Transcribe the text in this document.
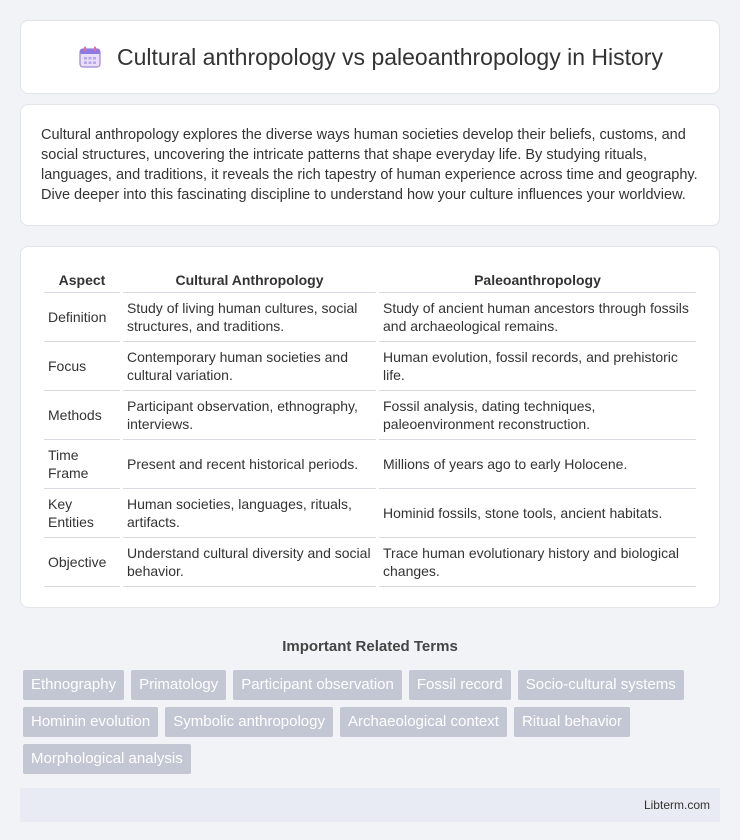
Cultural anthropology vs paleoanthropology in History

Cultural anthropology explores the diverse ways human societies develop their beliefs, customs, and social structures, uncovering the intricate patterns that shape everyday life. By studying rituals, languages, and traditions, it reveals the rich tapestry of human experience across time and geography. Dive deeper into this fascinating discipline to understand how your culture influences your worldview.

Aspect	Cultural Anthropology	Paleoanthropology
Definition	Study of living human cultures, social structures, and traditions.	Study of ancient human ancestors through fossils and archaeological remains.
Focus	Contemporary human societies and cultural variation.	Human evolution, fossil records, and prehistoric life.
Methods	Participant observation, ethnography, interviews.	Fossil analysis, dating techniques, paleoenvironment reconstruction.
Time Frame	Present and recent historical periods.	Millions of years ago to early Holocene.
Key Entities	Human societies, languages, rituals, artifacts.	Hominid fossils, stone tools, ancient habitats.
Objective	Understand cultural diversity and social behavior.	Trace human evolutionary history and biological changes.
Important Related Terms
Ethnography	Primatology	Participant observation	Fossil record	Socio-cultural systems
Hominin evolution	Symbolic anthropology	Archaeological context	Ritual behavior
Morphological analysis
Libterm.com
